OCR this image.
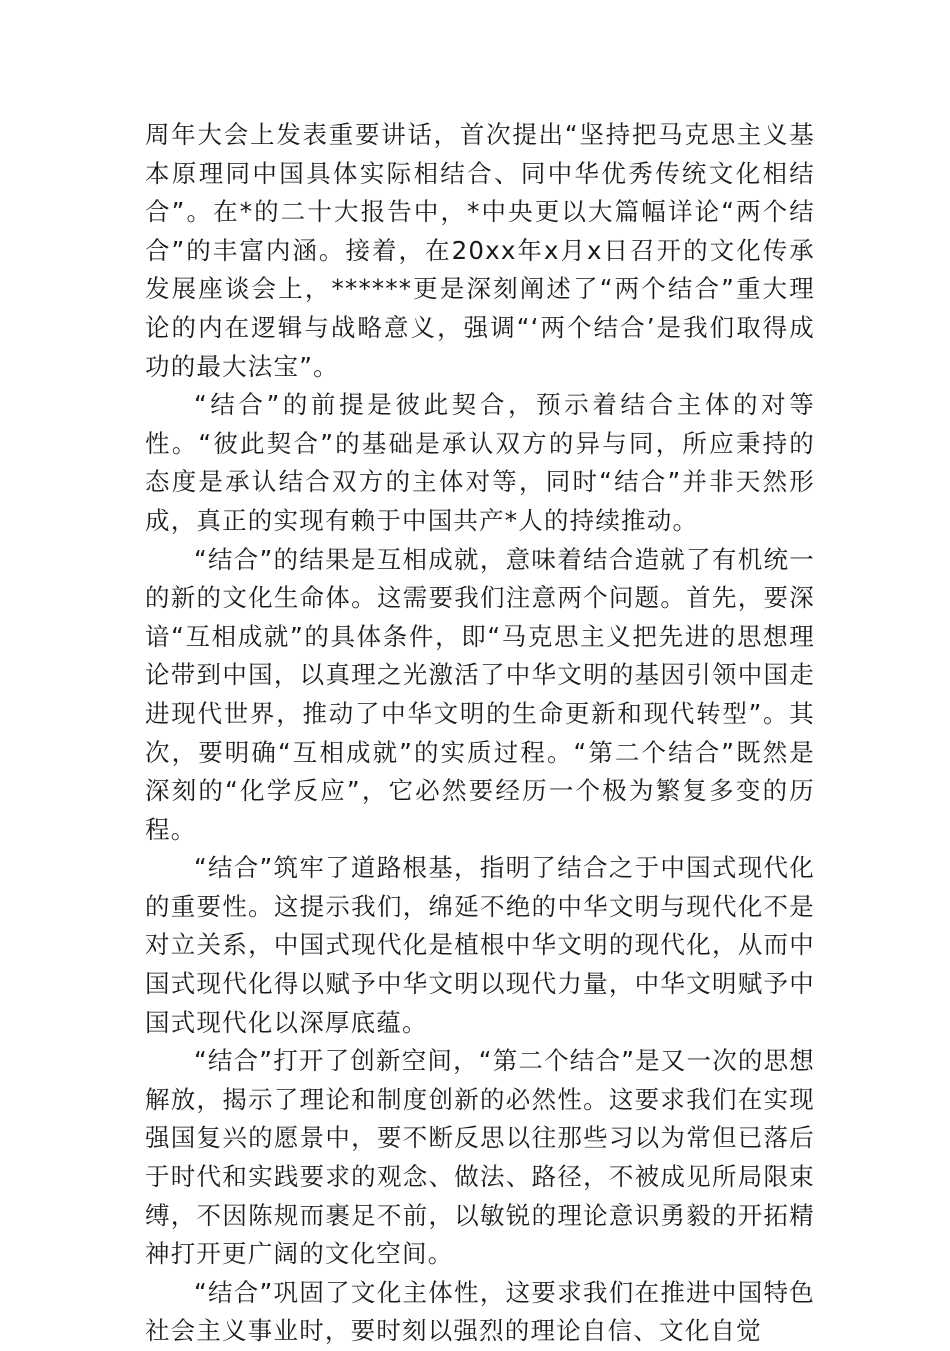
周年大会上发表重要讲话，首次提出“坚持把马克思主义基本原理同中国具体实际相结合、同中华优秀传统文化相结合”。在*的二十大报告中，*中央更以大篇幅详论“两个结合”的丰富内涵。接着，在20xx年x月x日召开的文化传承发展座谈会上，******更是深刻阐述了“两个结合”重大理论的内在逻辑与战略意义，强调“‘两个结合’是我们取得成功的最大法宝”。

“结合”的前提是彼此契合，预示着结合主体的对等性。“彼此契合”的基础是承认双方的异与同，所应秉持的态度是承认结合双方的主体对等，同时“结合”并非天然形成，真正的实现有赖于中国共产*人的持续推动。

“结合”的结果是互相成就，意味着结合造就了有机统一的新的文化生命体。这需要我们注意两个问题。首先，要深谙“互相成就”的具体条件，即“马克思主义把先进的思想理论带到中国，以真理之光激活了中华文明的基因引领中国走进现代世界，推动了中华文明的生命更新和现代转型”。其次，要明确“互相成就”的实质过程。“第二个结合”既然是深刻的“化学反应”，它必然要经历一个极为繁复多变的历程。

“结合”筑牢了道路根基，指明了结合之于中国式现代化的重要性。这提示我们，绵延不绝的中华文明与现代化不是对立关系，中国式现代化是植根中华文明的现代化，从而中国式现代化得以赋予中华文明以现代力量，中华文明赋予中国式现代化以深厚底蕴。

“结合”打开了创新空间，“第二个结合”是又一次的思想解放，揭示了理论和制度创新的必然性。这要求我们在实现强国复兴的愿景中，要不断反思以往那些习以为常但已落后于时代和实践要求的观念、做法、路径，不被成见所局限束缚，不因陈规而裹足不前，以敏锐的理论意识勇毅的开拓精神打开更广阔的文化空间。

“结合”巩固了文化主体性，这要求我们在推进中国特色社会主义事业时，要时刻以强烈的理论自信、文化自觉
